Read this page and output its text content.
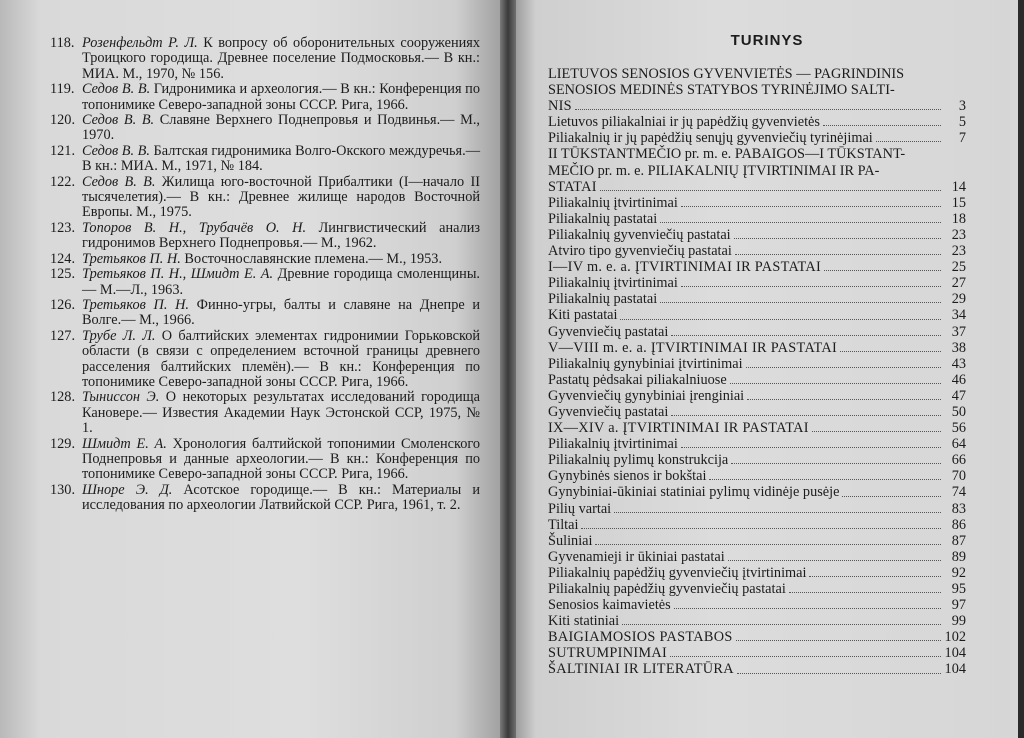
118. Розенфельдт Р. Л. К вопросу об оборонительных сооружениях Троицкого городища. Древнее поселение Подмосковья.— В кн.: МИА. М., 1970, № 156.
119. Седов В. В. Гидронимика и археология.— В кн.: Конференция по топонимике Северо-западной зоны СССР. Рига, 1966.
120. Седов В. В. Славяне Верхнего Поднепровья и Подвинья.— М., 1970.
121. Седов В. В. Балтская гидронимика Волго-Окского междуречья.— В кн.: МИА. М., 1971, № 184.
122. Седов В. В. Жилища юго-восточной Прибалтики (I—начало II тысячелетия).— В кн.: Древнее жилище народов Восточной Европы. М., 1975.
123. Топоров В. Н., Трубачёв О. Н. Лингвистический анализ гидронимов Верхнего Поднепровья.— М., 1962.
124. Третьяков П. Н. Восточнославянские племена.— М., 1953.
125. Третьяков П. Н., Шмидт Е. А. Древние городища смоленщины.— М.—Л., 1963.
126. Третьяков П. Н. Финно-угры, балты и славяне на Днепре и Волге.— М., 1966.
127. Трубе Л. Л. О балтийских элементах гидронимии Горьковской области (в связи с определением всточной границы древнего расселения балтийских племён).— В кн.: Конференция по топонимике Северо-западной зоны СССР. Рига, 1966.
128. Тыниссон Э. О некоторых результатах исследований городища Кановере.— Известия Академии Наук Эстонской ССР, 1975, № 1.
129. Шмидт Е. А. Хронология балтийской топонимии Смоленского Поднепровья и данные археологии.— В кн.: Конференция по топонимике Северо-западной зоны СССР. Рига, 1966.
130. Шноре Э. Д. Асотское городище.— В кн.: Материалы и исследования по археологии Латвийской ССР. Рига, 1961, т. 2.
TURINYS
LIETUVOS SENOSIOS GYVENVIETĖS — PAGRINDINIS
SENOSIOS MEDINĖS STATYBOS TYRINĖJIMO SALTI-
NIS	3
Lietuvos piliakalniai ir jų papėdžių gyvenvietės	5
Piliakalnių ir jų papėdžių senųjų gyvenviečių tyrinėjimai	7
II TŪKSTANTMEČIO pr. m. e. PABAIGOS—I TŪKSTANT-
MEČIO pr. m. e. PILIAKALNIŲ ĮTVIRTINIMAI IR PA-
STATAI	14
Piliakalnių įtvirtinimai	15
Piliakalnių pastatai	18
Piliakalnių gyvenviečių pastatai	23
Atviro tipo gyvenviečių pastatai	23
I—IV m. e. a. ĮTVIRTINIMAI IR PASTATAI	25
Piliakalnių įtvirtinimai	27
Piliakalnių pastatai	29
Kiti pastatai	34
Gyvenviečių pastatai	37
V—VIII m. e. a. ĮTVIRTINIMAI IR PASTATAI	38
Piliakalnių gynybiniai įtvirtinimai	43
Pastatų pėdsakai piliakalniuose	46
Gyvenviečių gynybiniai įrenginiai	47
Gyvenviečių pastatai	50
IX—XIV a. ĮTVIRTINIMAI IR PASTATAI	56
Piliakalnių įtvirtinimai	64
Piliakalnių pylimų konstrukcija	66
Gynybinės sienos ir bokštai	70
Gynybiniai-ūkiniai statiniai pylimų vidinėje pusėje	74
Pilių vartai	83
Tiltai	86
Šuliniai	87
Gyvenamieji ir ūkiniai pastatai	89
Piliakalnių papėdžių gyvenviečių įtvirtinimai	92
Piliakalnių papėdžių gyvenviečių pastatai	95
Senosios kaimavietės	97
Kiti statiniai	99
BAIGIAMOSIOS PASTABOS	102
SUTRUMPINIMAI	104
ŠALTINIAI IR LITERATŪRA	104
